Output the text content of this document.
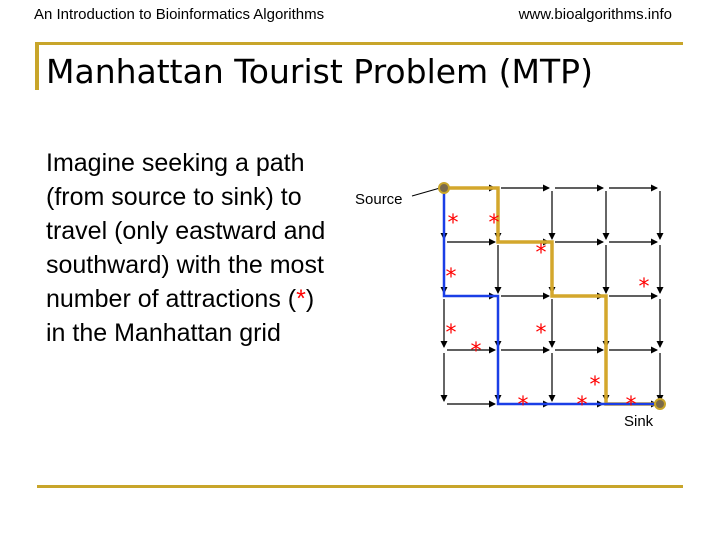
An Introduction to Bioinformatics Algorithms	www.bioalgorithms.info
Manhattan Tourist Problem (MTP)
Imagine seeking a path (from source to sink) to travel (only eastward and southward) with the most number of attractions (*) in the Manhattan grid
Source
* *
*
*
*
*
*
*
*
* * *
Sink
